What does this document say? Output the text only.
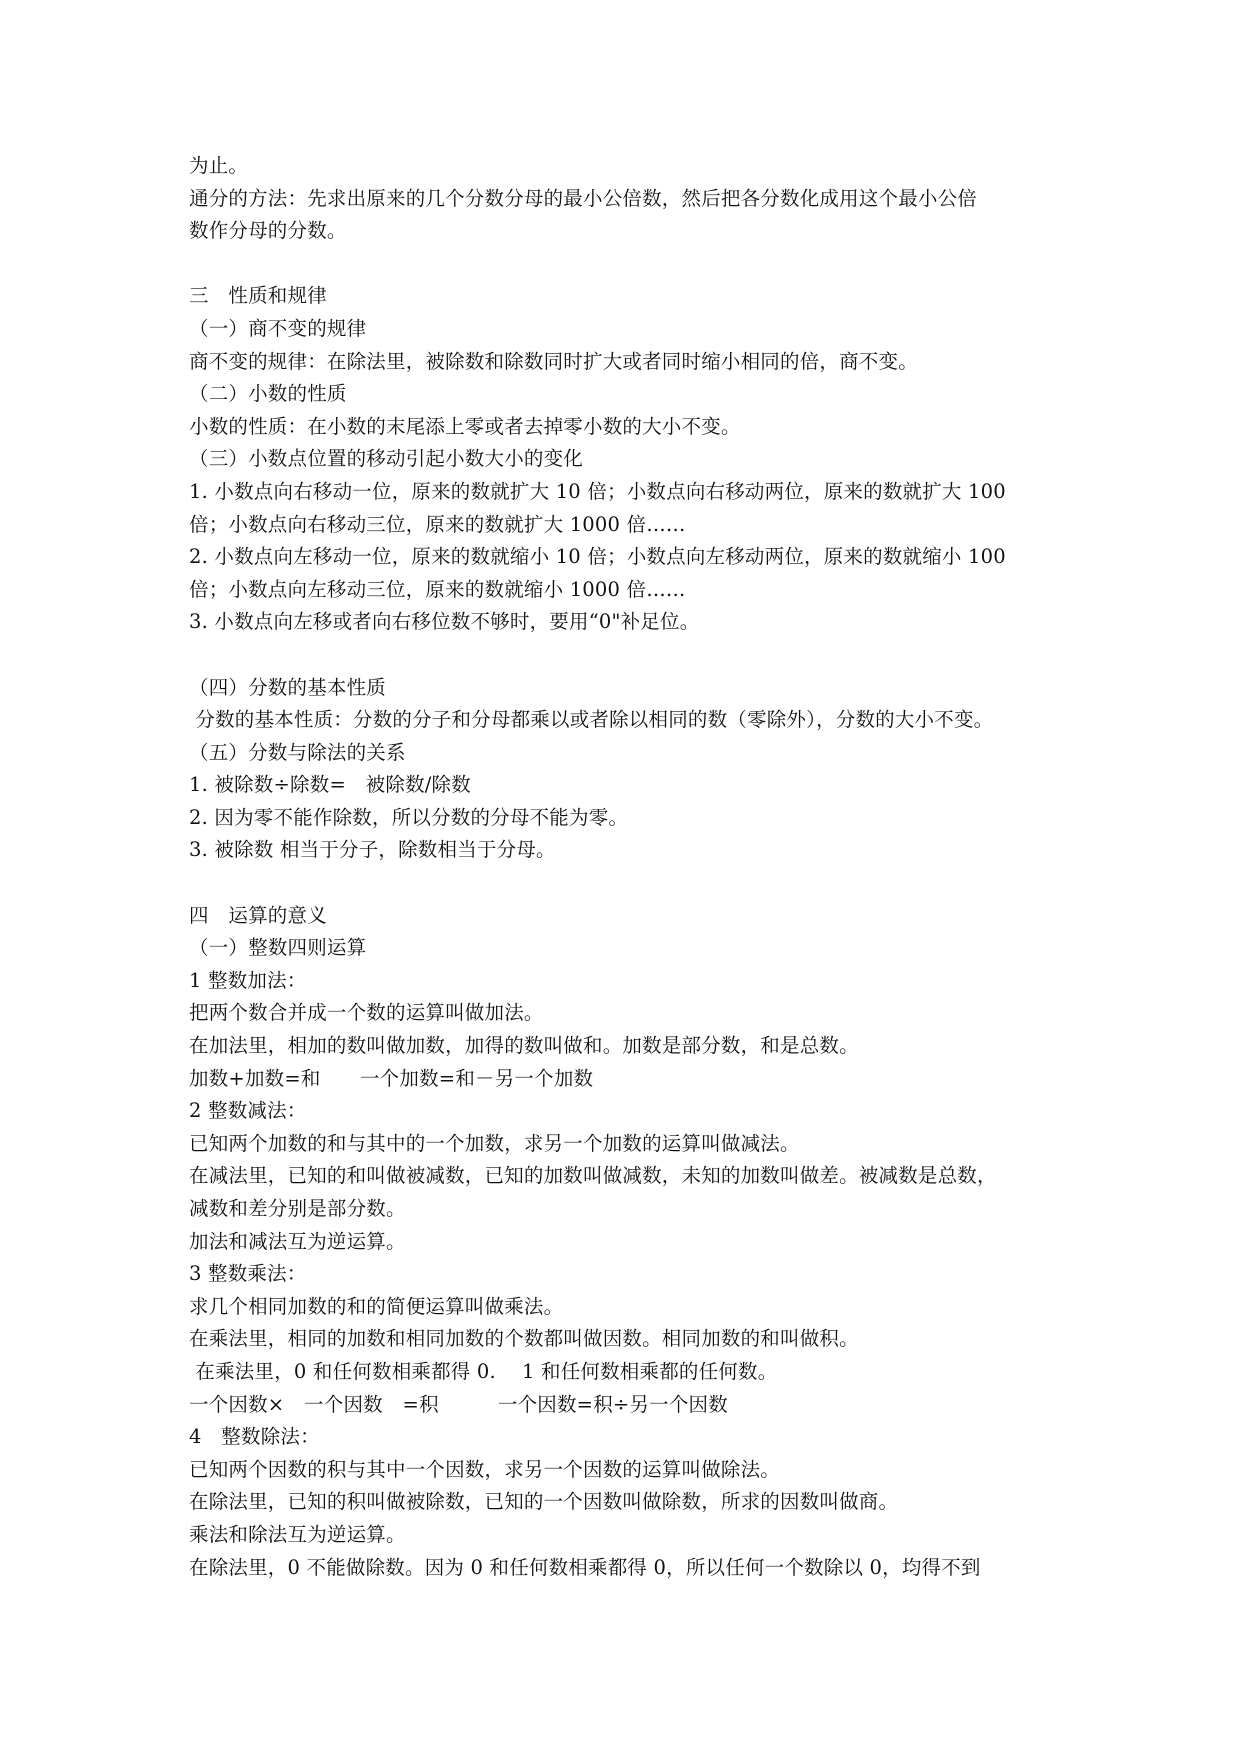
为止。
通分的方法：先求出原来的几个分数分母的最小公倍数，然后把各分数化成用这个最小公倍
数作分母的分数。
三　性质和规律
（一）商不变的规律
商不变的规律：在除法里，被除数和除数同时扩大或者同时缩小相同的倍，商不变。
（二）小数的性质
小数的性质：在小数的末尾添上零或者去掉零小数的大小不变。
（三）小数点位置的移动引起小数大小的变化
1. 小数点向右移动一位，原来的数就扩大 10 倍；小数点向右移动两位，原来的数就扩大 100
倍；小数点向右移动三位，原来的数就扩大 1000 倍……
2. 小数点向左移动一位，原来的数就缩小 10 倍；小数点向左移动两位，原来的数就缩小 100
倍；小数点向左移动三位，原来的数就缩小 1000 倍……
3. 小数点向左移或者向右移位数不够时，要用“0"补足位。
（四）分数的基本性质
分数的基本性质：分数的分子和分母都乘以或者除以相同的数（零除外），分数的大小不变。
（五）分数与除法的关系
1. 被除数÷除数=　被除数/除数
2. 因为零不能作除数，所以分数的分母不能为零。
3. 被除数 相当于分子，除数相当于分母。
四　运算的意义
（一）整数四则运算
1 整数加法：
把两个数合并成一个数的运算叫做加法。
在加法里，相加的数叫做加数，加得的数叫做和。加数是部分数，和是总数。
加数+加数=和　　一个加数=和－另一个加数
2 整数减法：
已知两个加数的和与其中的一个加数，求另一个加数的运算叫做减法。
在减法里，已知的和叫做被减数，已知的加数叫做减数，未知的加数叫做差。被减数是总数，
减数和差分别是部分数。
加法和减法互为逆运算。
3 整数乘法：
求几个相同加数的和的简便运算叫做乘法。
在乘法里，相同的加数和相同加数的个数都叫做因数。相同加数的和叫做积。
在乘法里，0 和任何数相乘都得 0.　 1 和任何数相乘都的任何数。
一个因数×　一个因数　=积　　　一个因数=积÷另一个因数
4　整数除法：
已知两个因数的积与其中一个因数，求另一个因数的运算叫做除法。
在除法里，已知的积叫做被除数，已知的一个因数叫做除数，所求的因数叫做商。
乘法和除法互为逆运算。
在除法里，0 不能做除数。因为 0 和任何数相乘都得 0，所以任何一个数除以 0，均得不到
